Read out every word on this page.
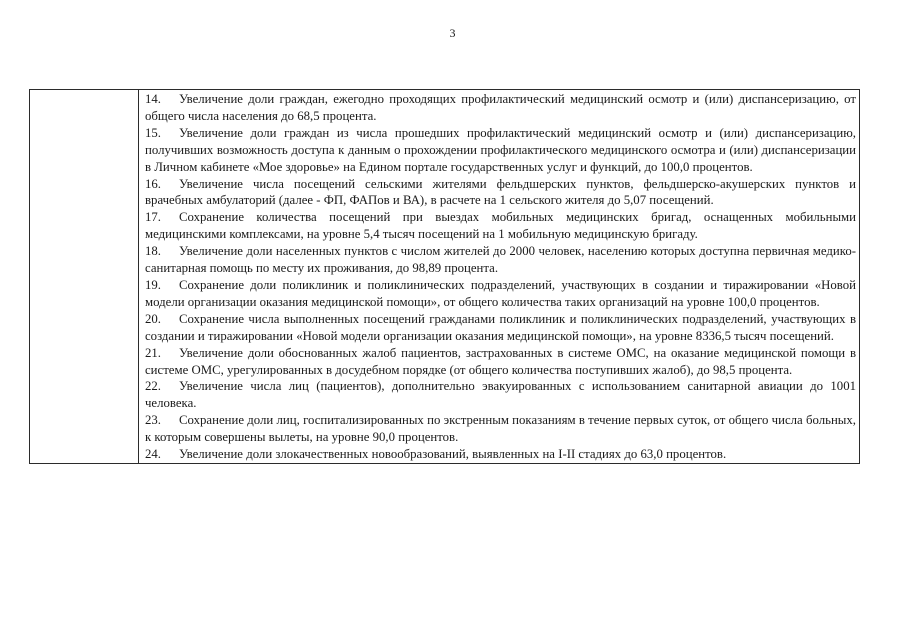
3

14. Увеличение доли граждан, ежегодно проходящих профилактический медицинский осмотр и (или) диспансеризацию, от общего числа населения до 68,5 процента.
15. Увеличение доли граждан из числа прошедших профилактический медицинский осмотр и (или) диспансеризацию, получивших возможность доступа к данным о прохождении профилактического медицинского осмотра и (или) диспансеризации в Личном кабинете «Мое здоровье» на Едином портале государственных услуг и функций, до 100,0 процентов.
16. Увеличение числа посещений сельскими жителями фельдшерских пунктов, фельдшерско-акушерских пунктов и врачебных амбулаторий (далее - ФП, ФАПов и ВА), в расчете на 1 сельского жителя до 5,07 посещений.
17. Сохранение количества посещений при выездах мобильных медицинских бригад, оснащенных мобильными медицинскими комплексами, на уровне 5,4 тысяч посещений на 1 мобильную медицинскую бригаду.
18. Увеличение доли населенных пунктов с числом жителей до 2000 человек, населению которых доступна первичная медико-санитарная помощь по месту их проживания, до 98,89 процента.
19. Сохранение доли поликлиник и поликлинических подразделений, участвующих в создании и тиражировании «Новой модели организации оказания медицинской помощи», от общего количества таких организаций на уровне 100,0 процентов.
20. Сохранение числа выполненных посещений гражданами поликлиник и поликлинических подразделений, участвующих в создании и тиражировании «Новой модели организации оказания медицинской помощи», на уровне 8336,5 тысяч посещений.
21. Увеличение доли обоснованных жалоб пациентов, застрахованных в системе ОМС, на оказание медицинской помощи в системе ОМС, урегулированных в досудебном порядке (от общего количества поступивших жалоб), до 98,5 процента.
22. Увеличение числа лиц (пациентов), дополнительно эвакуированных с использованием санитарной авиации до 1001 человека.
23. Сохранение доли лиц, госпитализированных по экстренным показаниям в течение первых суток, от общего числа больных, к которым совершены вылеты, на уровне 90,0 процентов.
24. Увеличение доли злокачественных новообразований, выявленных на I-II стадиях до 63,0 процентов.
